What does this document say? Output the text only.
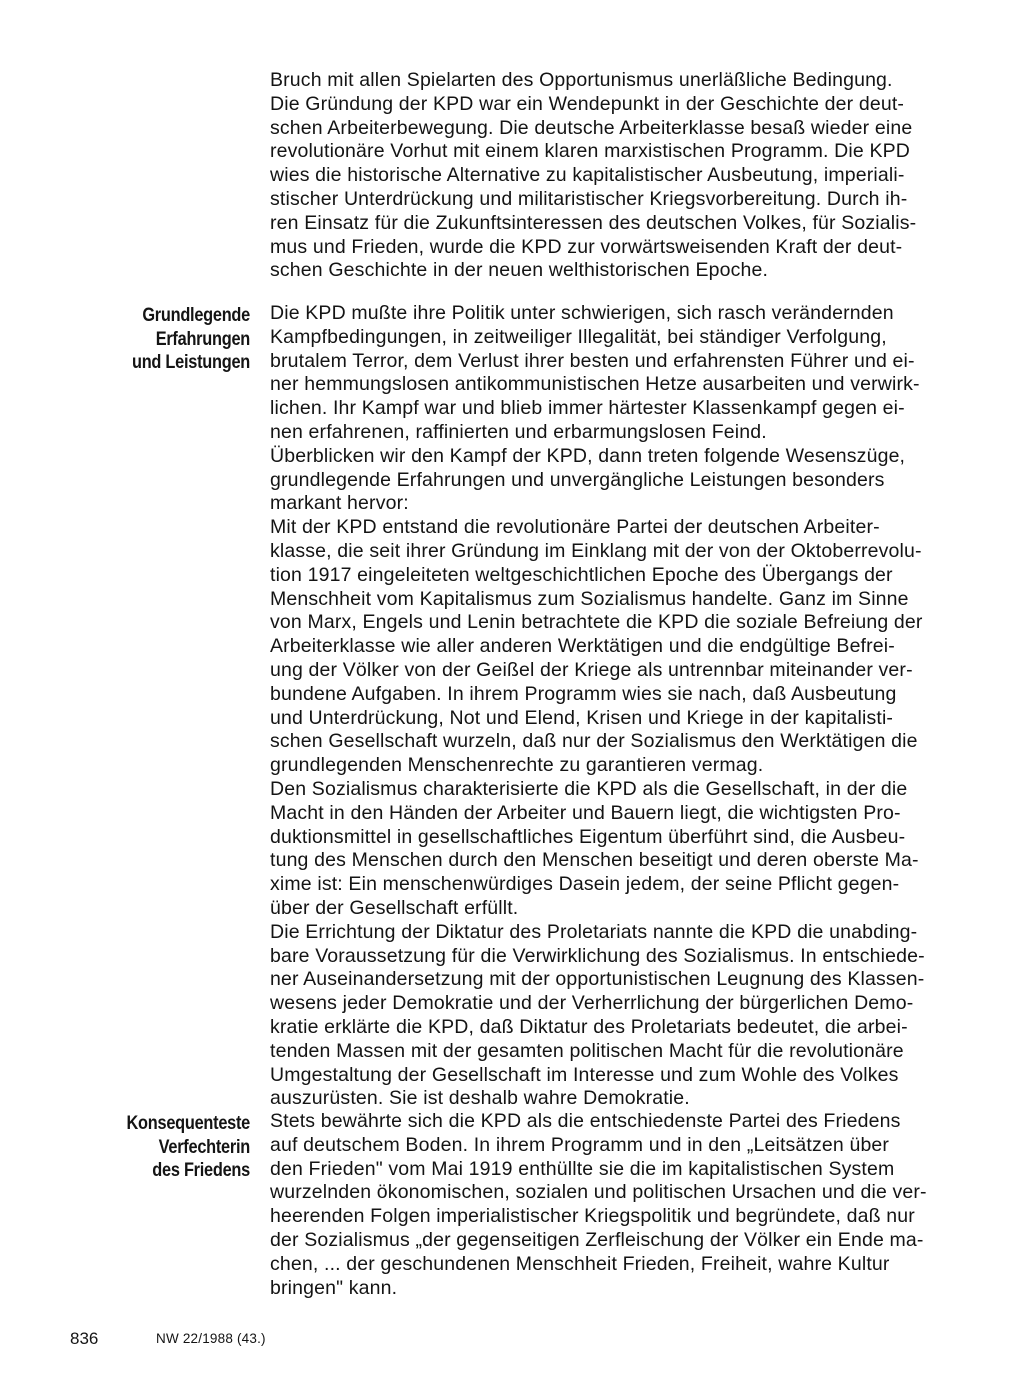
Bruch mit allen Spielarten des Opportunismus unerläßliche Bedingung.
Die Gründung der KPD war ein Wendepunkt in der Geschichte der deut-
schen Arbeiterbewegung. Die deutsche Arbeiterklasse besaß wieder eine
revolutionäre Vorhut mit einem klaren marxistischen Programm. Die KPD
wies die historische Alternative zu kapitalistischer Ausbeutung, imperiali-
stischer Unterdrückung und militaristischer Kriegsvorbereitung. Durch ih-
ren Einsatz für die Zukunftsinteressen des deutschen Volkes, für Sozialis-
mus und Frieden, wurde die KPD zur vorwärtsweisenden Kraft der deut-
schen Geschichte in der neuen welthistorischen Epoche.

Grundlegende
Erfahrungen
und Leistungen

Die KPD mußte ihre Politik unter schwierigen, sich rasch verändernden
Kampfbedingungen, in zeitweiliger Illegalität, bei ständiger Verfolgung,
brutalem Terror, dem Verlust ihrer besten und erfahrensten Führer und ei-
ner hemmungslosen antikommunistischen Hetze ausarbeiten und verwirk-
lichen. Ihr Kampf war und blieb immer härtester Klassenkampf gegen ei-
nen erfahrenen, raffinierten und erbarmungslosen Feind.
Überblicken wir den Kampf der KPD, dann treten folgende Wesenszüge,
grundlegende Erfahrungen und unvergängliche Leistungen besonders
markant hervor:
Mit der KPD entstand die revolutionäre Partei der deutschen Arbeiter-
klasse, die seit ihrer Gründung im Einklang mit der von der Oktoberrevolu-
tion 1917 eingeleiteten weltgeschichtlichen Epoche des Übergangs der
Menschheit vom Kapitalismus zum Sozialismus handelte. Ganz im Sinne
von Marx, Engels und Lenin betrachtete die KPD die soziale Befreiung der
Arbeiterklasse wie aller anderen Werktätigen und die endgültige Befrei-
ung der Völker von der Geißel der Kriege als untrennbar miteinander ver-
bundene Aufgaben. In ihrem Programm wies sie nach, daß Ausbeutung
und Unterdrückung, Not und Elend, Krisen und Kriege in der kapitalisti-
schen Gesellschaft wurzeln, daß nur der Sozialismus den Werktätigen die
grundlegenden Menschenrechte zu garantieren vermag.
Den Sozialismus charakterisierte die KPD als die Gesellschaft, in der die
Macht in den Händen der Arbeiter und Bauern liegt, die wichtigsten Pro-
duktionsmittel in gesellschaftliches Eigentum überführt sind, die Ausbeu-
tung des Menschen durch den Menschen beseitigt und deren oberste Ma-
xime ist: Ein menschenwürdiges Dasein jedem, der seine Pflicht gegen-
über der Gesellschaft erfüllt.
Die Errichtung der Diktatur des Proletariats nannte die KPD die unabding-
bare Voraussetzung für die Verwirklichung des Sozialismus. In entschiede-
ner Auseinandersetzung mit der opportunistischen Leugnung des Klassen-
wesens jeder Demokratie und der Verherrlichung der bürgerlichen Demo-
kratie erklärte die KPD, daß Diktatur des Proletariats bedeutet, die arbei-
tenden Massen mit der gesamten politischen Macht für die revolutionäre
Umgestaltung der Gesellschaft im Interesse und zum Wohle des Volkes
auszurüsten. Sie ist deshalb wahre Demokratie.

Konsequenteste
Verfechterin
des Friedens

Stets bewährte sich die KPD als die entschiedenste Partei des Friedens
auf deutschem Boden. In ihrem Programm und in den „Leitsätzen über
den Frieden" vom Mai 1919 enthüllte sie die im kapitalistischen System
wurzelnden ökonomischen, sozialen und politischen Ursachen und die ver-
heerenden Folgen imperialistischer Kriegspolitik und begründete, daß nur
der Sozialismus „der gegenseitigen Zerfleischung der Völker ein Ende ma-
chen, ... der geschundenen Menschheit Frieden, Freiheit, wahre Kultur
bringen" kann.

836	NW 22/1988 (43.)
